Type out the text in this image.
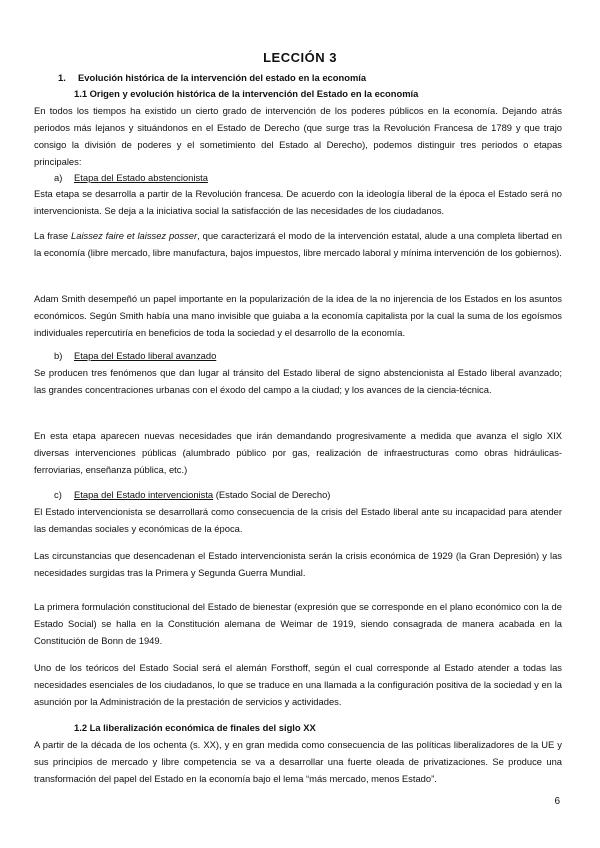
LECCIÓN 3
1. Evolución histórica de la intervención del estado en la economía
1.1 Origen y evolución histórica de la intervención del Estado en la economía

En todos los tiempos ha existido un cierto grado de intervención de los poderes públicos en la economía. Dejando atrás periodos más lejanos y situándonos en el Estado de Derecho (que surge tras la Revolución Francesa de 1789 y que trajo consigo la división de poderes y el sometimiento del Estado al Derecho), podemos distinguir tres periodos o etapas principales:

a) Etapa del Estado abstencionista

Esta etapa se desarrolla a partir de la Revolución francesa. De acuerdo con la ideología liberal de la época el Estado será no intervencionista. Se deja a la iniciativa social la satisfacción de las necesidades de los ciudadanos.

La frase Laissez faire et laissez posser, que caracterizará el modo de la intervención estatal, alude a una completa libertad en la economía (libre mercado, libre manufactura, bajos impuestos, libre mercado laboral y mínima intervención de los gobiernos).

Adam Smith desempeñó un papel importante en la popularización de la idea de la no injerencia de los Estados en los asuntos económicos. Según Smith había una mano invisible que guiaba a la economía capitalista por la cual la suma de los egoísmos individuales repercutiría en beneficios de toda la sociedad y el desarrollo de la economía.

b) Etapa del Estado liberal avanzado

Se producen tres fenómenos que dan lugar al tránsito del Estado liberal de signo abstencionista al Estado liberal avanzado; las grandes concentraciones urbanas con el éxodo del campo a la ciudad; y los avances de la ciencia-técnica.

En esta etapa aparecen nuevas necesidades que irán demandando progresivamente a medida que avanza el siglo XIX diversas intervenciones públicas (alumbrado público por gas, realización de infraestructuras como obras hidráulicas-ferroviarias, enseñanza pública, etc.)

c) Etapa del Estado intervencionista (Estado Social de Derecho)

El Estado intervencionista se desarrollará como consecuencia de la crisis del Estado liberal ante su incapacidad para atender las demandas sociales y económicas de la época.

Las circunstancias que desencadenan el Estado intervencionista serán la crisis económica de 1929 (la Gran Depresión) y las necesidades surgidas tras la Primera y Segunda Guerra Mundial.

La primera formulación constitucional del Estado de bienestar (expresión que se corresponde en el plano económico con la de Estado Social) se halla en la Constitución alemana de Weimar de 1919, siendo consagrada de manera acabada en la Constitución de Bonn de 1949.

Uno de los teóricos del Estado Social será el alemán Forsthoff, según el cual corresponde al Estado atender a todas las necesidades esenciales de los ciudadanos, lo que se traduce en una llamada a la configuración positiva de la sociedad y en la asunción por la Administración de la prestación de servicios y actividades.

1.2 La liberalización económica de finales del siglo XX

A partir de la década de los ochenta (s. XX), y en gran medida como consecuencia de las políticas liberalizadores de la UE y sus principios de mercado y libre competencia se va a desarrollar una fuerte oleada de privatizaciones. Se produce una transformación del papel del Estado en la economía bajo el lema “más mercado, menos Estado”.

6
